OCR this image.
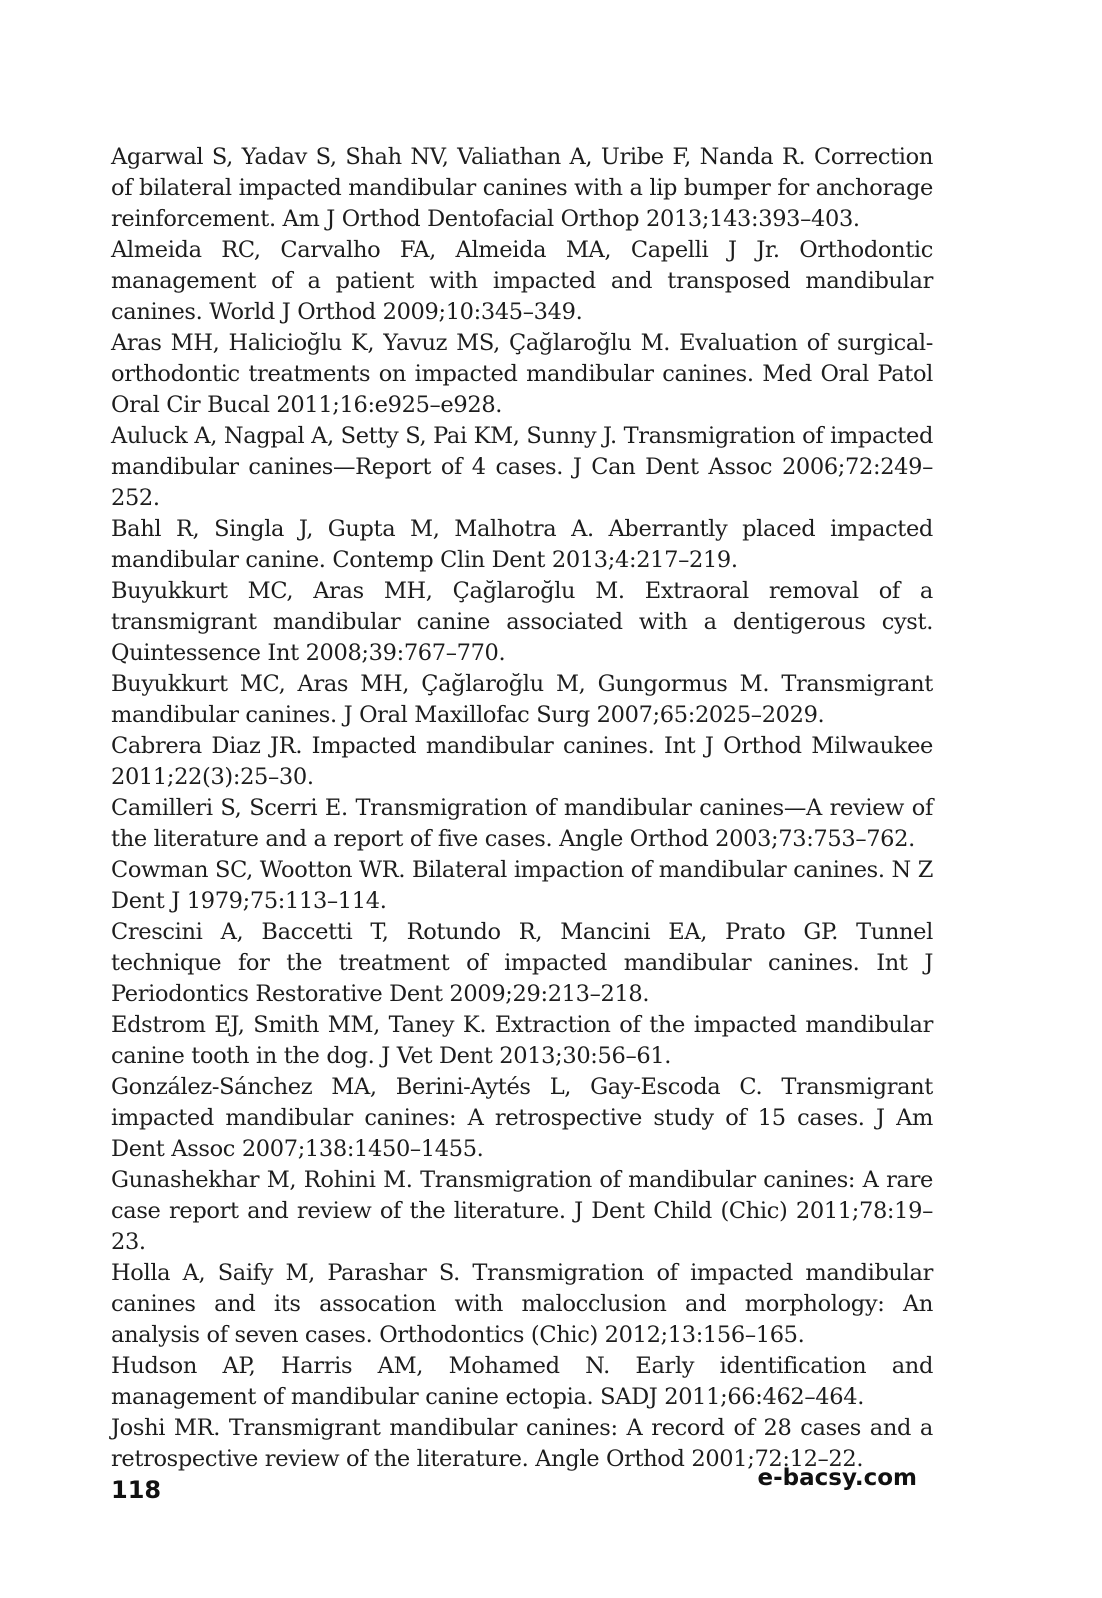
Agarwal S, Yadav S, Shah NV, Valiathan A, Uribe F, Nanda R. Correction of bilateral impacted mandibular canines with a lip bumper for anchorage reinforcement. Am J Orthod Dentofacial Orthop 2013;143:393–403.
Almeida RC, Carvalho FA, Almeida MA, Capelli J Jr. Orthodontic management of a patient with impacted and transposed mandibular canines. World J Orthod 2009;10:345–349.
Aras MH, Halicioğlu K, Yavuz MS, Çağlaroğlu M. Evaluation of surgical-orthodontic treatments on impacted mandibular canines. Med Oral Patol Oral Cir Bucal 2011;16:e925–e928.
Auluck A, Nagpal A, Setty S, Pai KM, Sunny J. Transmigration of impacted mandibular canines—Report of 4 cases. J Can Dent Assoc 2006;72:249–252.
Bahl R, Singla J, Gupta M, Malhotra A. Aberrantly placed impacted mandibular canine. Contemp Clin Dent 2013;4:217–219.
Buyukkurt MC, Aras MH, Çağlaroğlu M. Extraoral removal of a transmigrant mandibular canine associated with a dentigerous cyst. Quintessence Int 2008;39:767–770.
Buyukkurt MC, Aras MH, Çağlaroğlu M, Gungormus M. Transmigrant mandibular canines. J Oral Maxillofac Surg 2007;65:2025–2029.
Cabrera Diaz JR. Impacted mandibular canines. Int J Orthod Milwaukee 2011;22(3):25–30.
Camilleri S, Scerri E. Transmigration of mandibular canines—A review of the literature and a report of five cases. Angle Orthod 2003;73:753–762.
Cowman SC, Wootton WR. Bilateral impaction of mandibular canines. N Z Dent J 1979;75:113–114.
Crescini A, Baccetti T, Rotundo R, Mancini EA, Prato GP. Tunnel technique for the treatment of impacted mandibular canines. Int J Periodontics Restorative Dent 2009;29:213–218.
Edstrom EJ, Smith MM, Taney K. Extraction of the impacted mandibular canine tooth in the dog. J Vet Dent 2013;30:56–61.
González-Sánchez MA, Berini-Aytés L, Gay-Escoda C. Transmigrant impacted mandibular canines: A retrospective study of 15 cases. J Am Dent Assoc 2007;138:1450–1455.
Gunashekhar M, Rohini M. Transmigration of mandibular canines: A rare case report and review of the literature. J Dent Child (Chic) 2011;78:19–23.
Holla A, Saify M, Parashar S. Transmigration of impacted mandibular canines and its assocation with malocclusion and morphology: An analysis of seven cases. Orthodontics (Chic) 2012;13:156–165.
Hudson AP, Harris AM, Mohamed N. Early identification and management of mandibular canine ectopia. SADJ 2011;66:462–464.
Joshi MR. Transmigrant mandibular canines: A record of 28 cases and a retrospective review of the literature. Angle Orthod 2001;72:12–22.
118	e-bacsy.com
